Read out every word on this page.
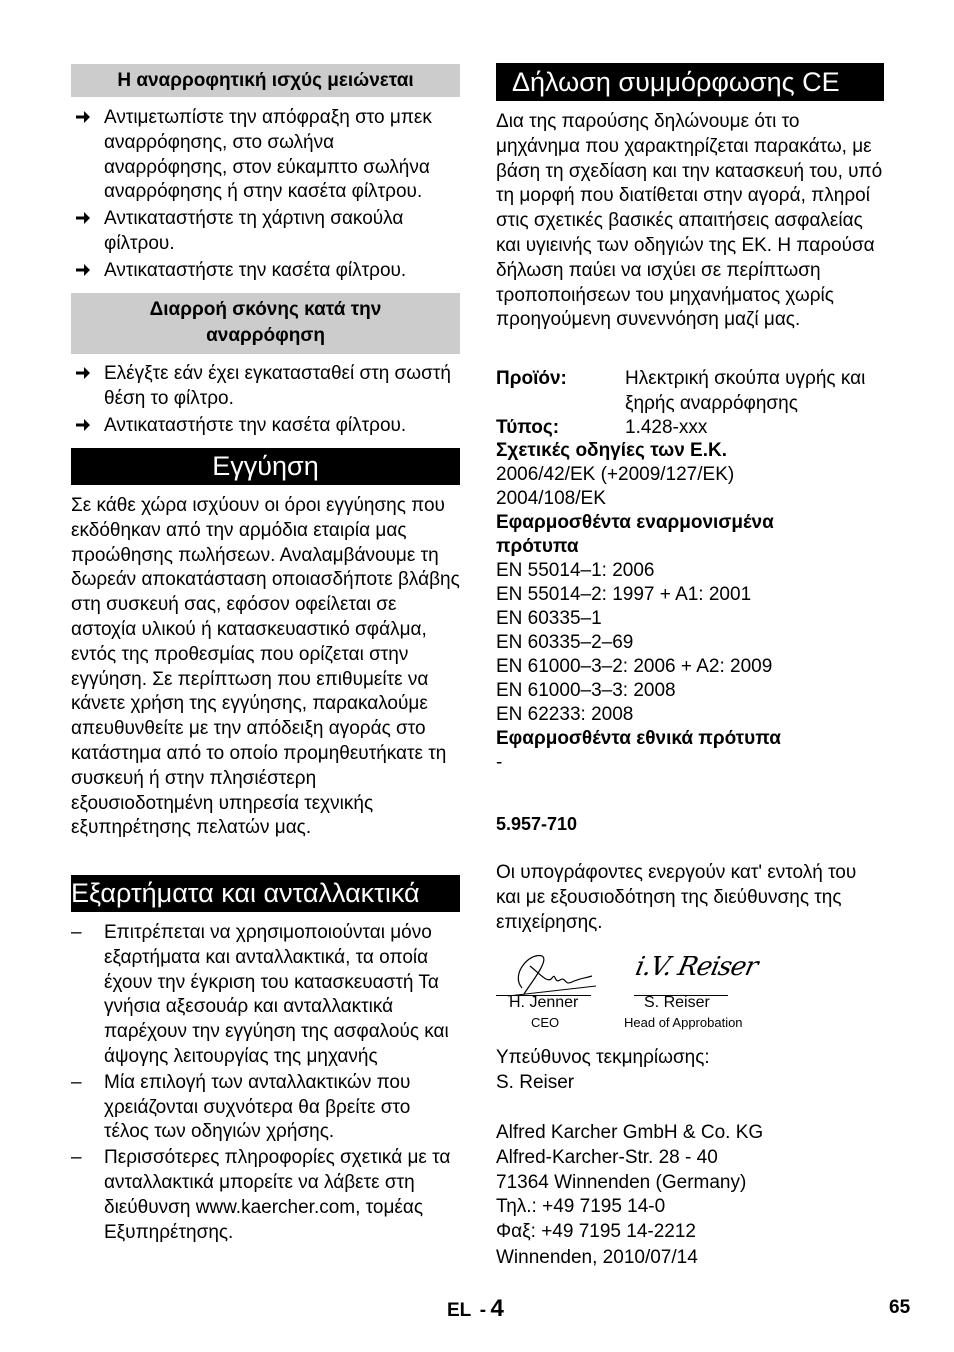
Η αναρροφητική ισχύς μειώνεται

Αντιμετωπίστε την απόφραξη στο μπεκ αναρρόφησης, στο σωλήνα αναρρόφησης, στον εύκαμπτο σωλήνα αναρρόφησης ή στην κασέτα φίλτρου.

Αντικαταστήστε τη χάρτινη σακούλα φίλτρου.

Αντικαταστήστε την κασέτα φίλτρου.

Διαρροή σκόνης κατά την
αναρρόφηση

Ελέγξτε εάν έχει εγκατασταθεί στη σωστή θέση το φίλτρο.

Αντικαταστήστε την κασέτα φίλτρου.

Εγγύηση

Σε κάθε χώρα ισχύουν οι όροι εγγύησης που εκδόθηκαν από την αρμόδια εταιρία μας προώθησης πωλήσεων. Αναλαμβάνουμε τη δωρεάν αποκατάσταση οποιασδήποτε βλάβης στη συσκευή σας, εφόσον οφείλεται σε αστοχία υλικού ή κατασκευαστικό σφάλμα, εντός της προθεσμίας που ορίζεται στην εγγύηση. Σε περίπτωση που επιθυμείτε να κάνετε χρήση της εγγύησης, παρακαλούμε απευθυνθείτε με την απόδειξη αγοράς στο κατάστημα από το οποίο προμηθευτήκατε τη συσκευή ή στην πλησιέστερη εξουσιοδοτημένη υπηρεσία τεχνικής εξυπηρέτησης πελατών μας.

Εξαρτήματα και ανταλλακτικά
– Επιτρέπεται να χρησιμοποιούνται μόνο εξαρτήματα και ανταλλακτικά, τα οποία έχουν την έγκριση του κατασκευαστή Τα γνήσια αξεσουάρ και ανταλλακτικά παρέχουν την εγγύηση της ασφαλούς και άψογης λειτουργίας της μηχανής

– Μία επιλογή των ανταλλακτικών που χρειάζονται συχνότερα θα βρείτε στο τέλος των οδηγιών χρήσης.

– Περισσότερες πληροφορίες σχετικά με τα ανταλλακτικά μπορείτε να λάβετε στη διεύθυνση www.kaercher.com, τομέας Εξυπηρέτησης.

Δήλωση συμμόρφωσης CE

Δια της παρούσης δηλώνουμε ότι το μηχάνημα που χαρακτηρίζεται παρακάτω, με βάση τη σχεδίαση και την κατασκευή του, υπό τη μορφή που διατίθεται στην αγορά, πληροί στις σχετικές βασικές απαιτήσεις ασφαλείας και υγιεινής των οδηγιών της ΕΚ. Η παρούσα δήλωση παύει να ισχύει σε περίπτωση τροποποιήσεων του μηχανήματος χωρίς προηγούμενη συνεννόηση μαζί μας.

Προϊόν:	Ηλεκτρική σκούπα υγρής και
ξηρής αναρρόφησης
Τύπος:	1.428-xxx
Σχετικές οδηγίες των Ε.Κ.
2006/42/EK (+2009/127/EK)
2004/108/EK
Εφαρμοσθέντα εναρμονισμένα
πρότυπα
EN 55014–1: 2006
EN 55014–2: 1997 + A1: 2001
EN 60335–1
EN 60335–2–69
EN 61000–3–2: 2006 + A2: 2009
EN 61000–3–3: 2008
EN 62233: 2008
Εφαρμοσθέντα εθνικά πρότυπα
-
5.957-710

Οι υπογράφοντες ενεργούν κατ' εντολή του και με εξουσιοδότηση της διεύθυνσης της επιχείρησης.

H. Jenner
CEO
i.V. Reiser
S. Reiser
Head of Approbation
Υπεύθυνος τεκμηρίωσης:
S. Reiser
Alfred Karcher GmbH & Co. KG
Alfred-Karcher-Str. 28 - 40
71364 Winnenden (Germany)
Τηλ.: +49 7195 14-0
Φαξ: +49 7195 14-2212
Winnenden, 2010/07/14
EL - 4	65
